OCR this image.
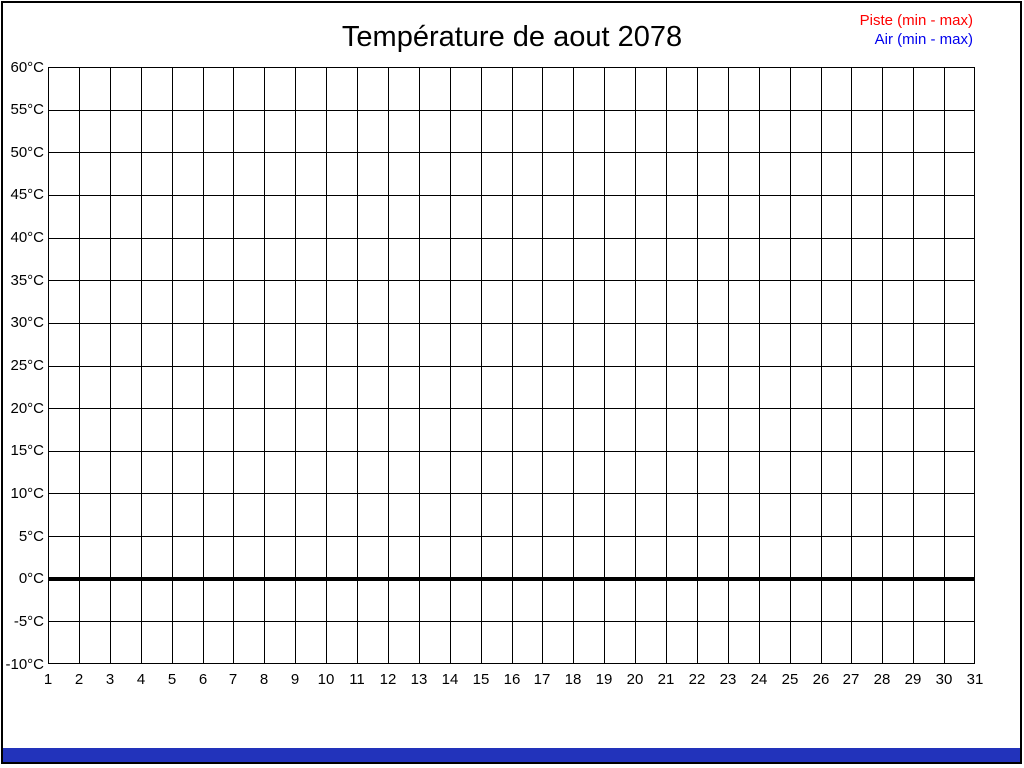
Température de aout 2078
Piste (min - max)
Air (min - max)
60°C
55°C
50°C
45°C
40°C
35°C
30°C
25°C
20°C
15°C
10°C
5°C
0°C
-5°C
-10°C
1	2	3	4	5	6	7	8	9	10 11 12 13 14 15 16 17 18 19 20 21 22 23 24 25 26 27 28 29 30 31
